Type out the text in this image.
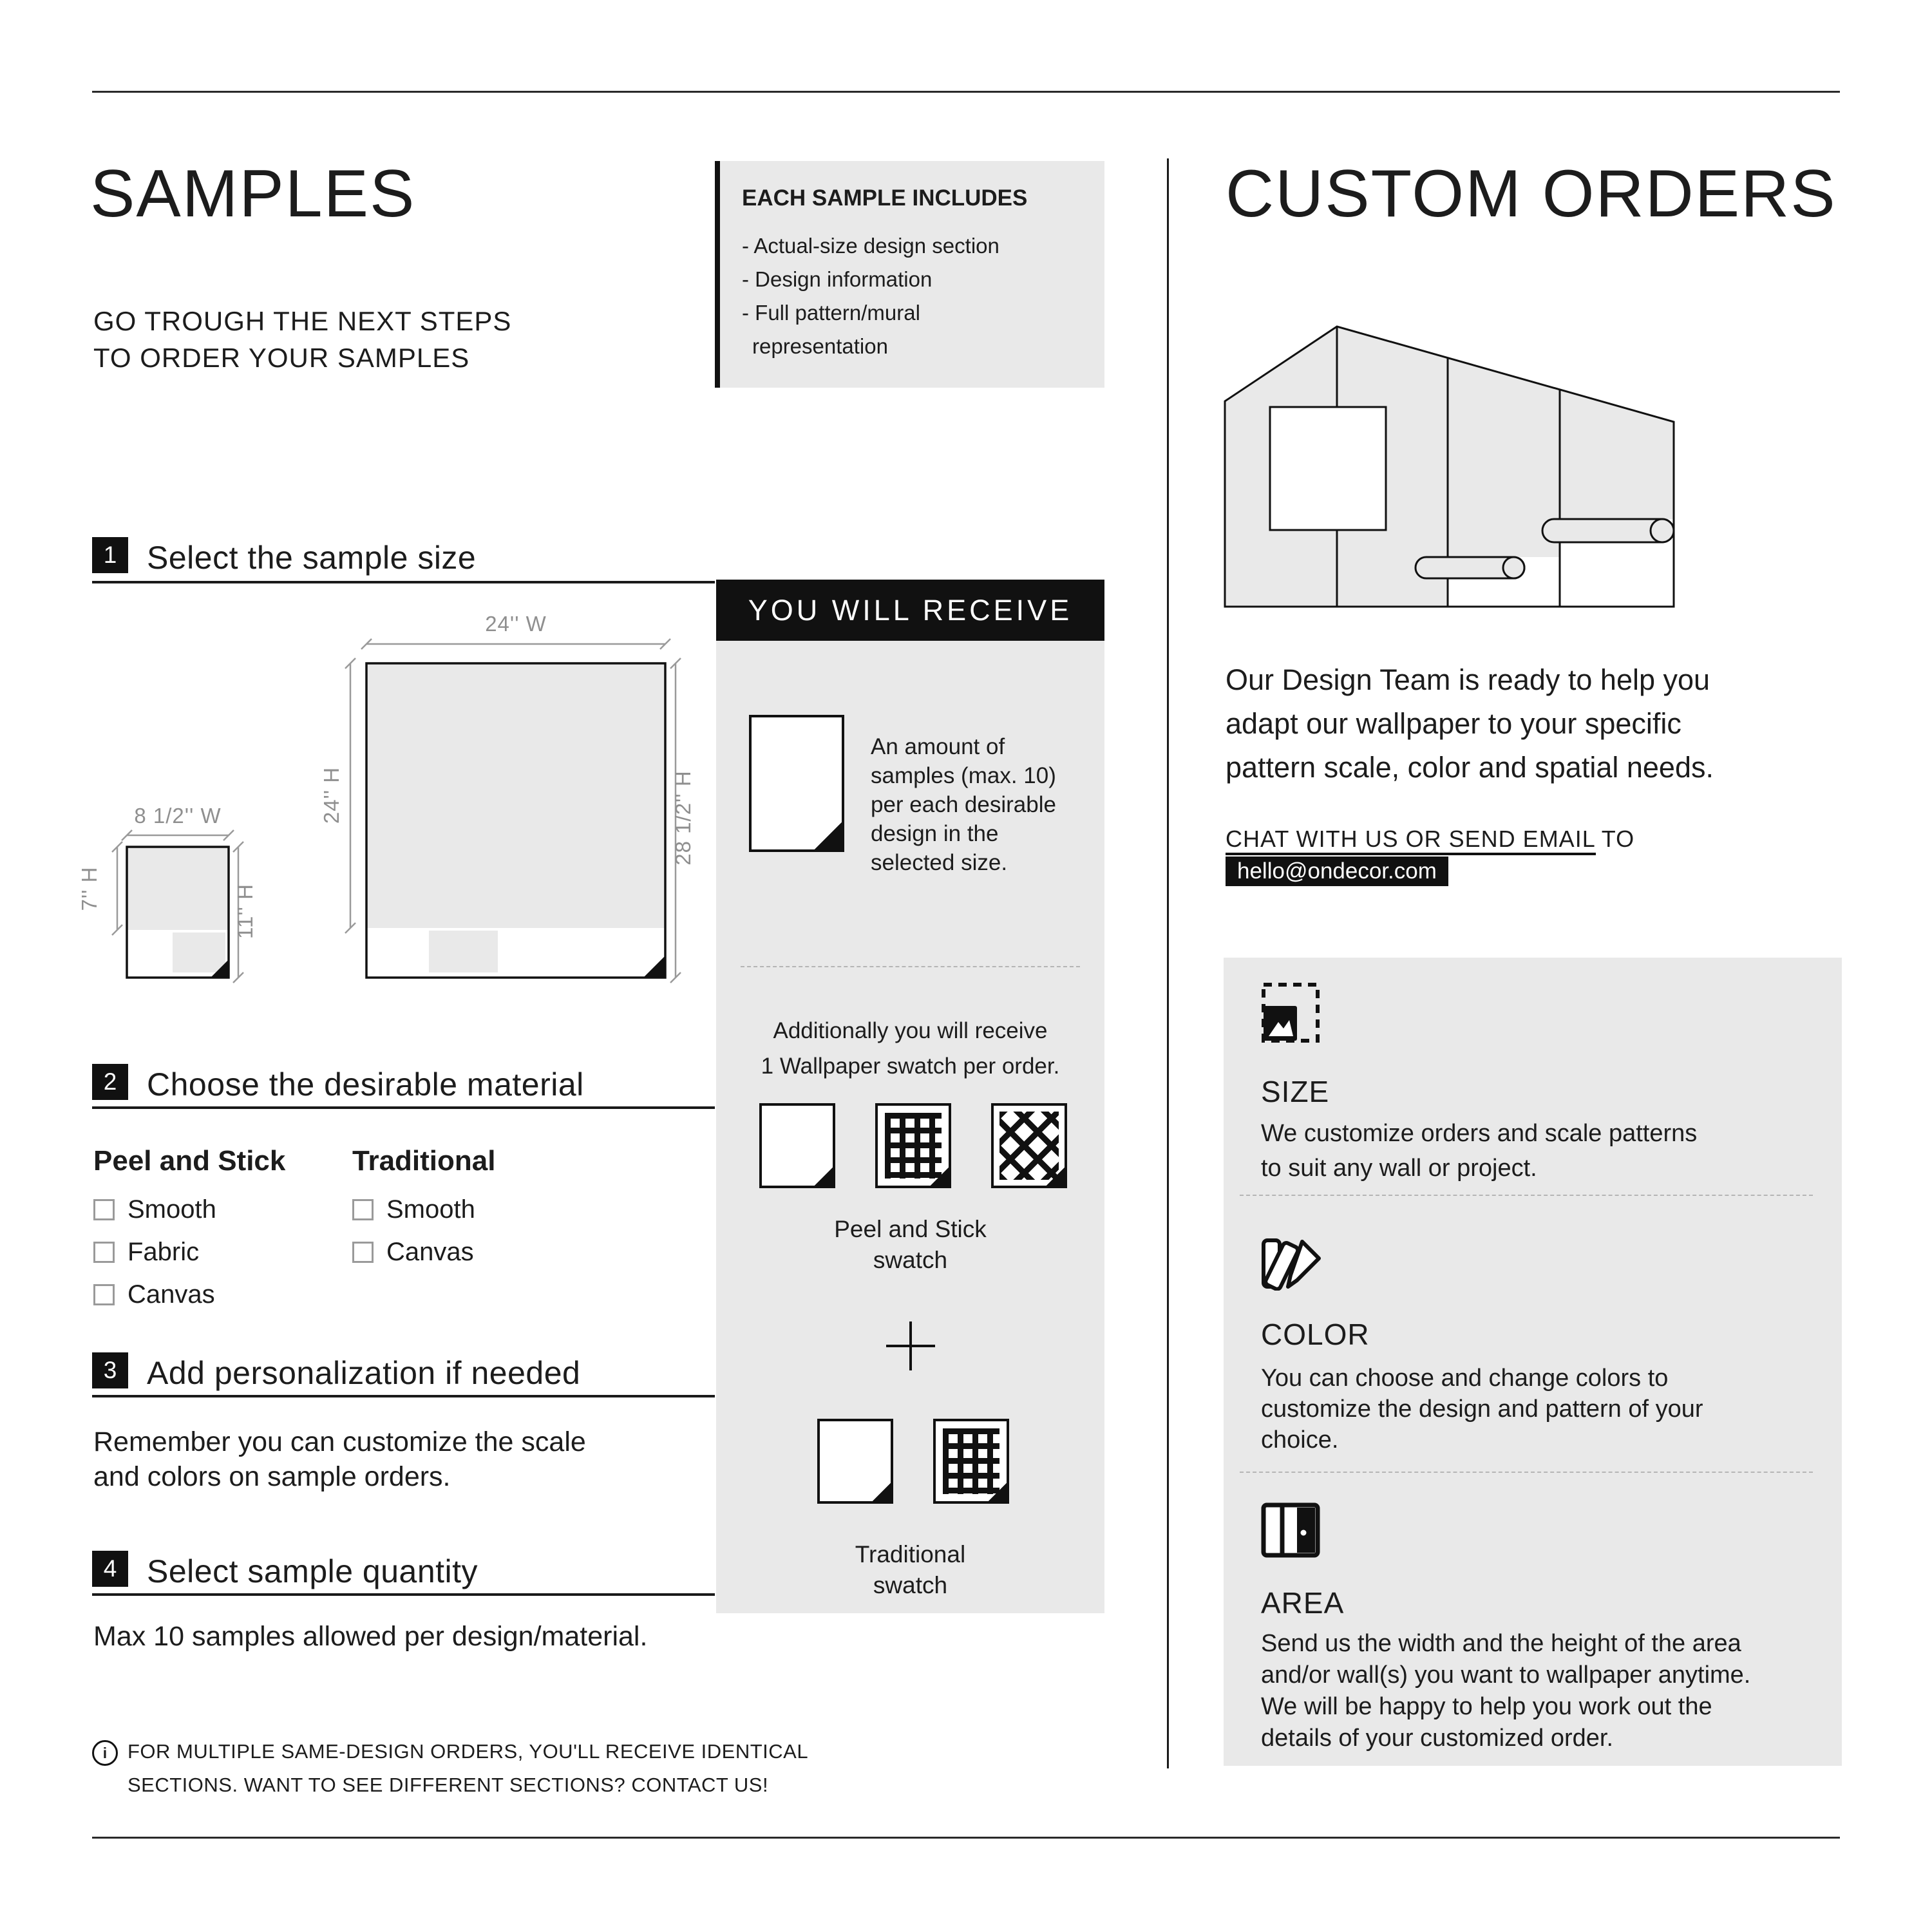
SAMPLES
GO TROUGH THE NEXT STEPS
TO ORDER YOUR SAMPLES
EACH SAMPLE INCLUDES
- Actual-size design section
- Design information
- Full pattern/mural
representation
1 Select the sample size
8 1/2'' W
7'' H	11'' H
24'' W
24'' H	28 1/2'' H
2 Choose the desirable material
Peel and Stick Traditional
Smooth
Fabric
Canvas
Smooth
Canvas
3 Add personalization if needed
Remember you can customize the scale
and colors on sample orders.
4 Select sample quantity
Max 10 samples allowed per design/material.
i FOR MULTIPLE SAME-DESIGN ORDERS, YOU'LL RECEIVE IDENTICAL
SECTIONS. WANT TO SEE DIFFERENT SECTIONS? CONTACT US!
YOU WILL RECEIVE
An amount of
samples (max. 10)
per each desirable
design in the
selected size.
Additionally you will receive
1 Wallpaper swatch per order.
Peel and Stick
swatch
Traditional
swatch
CUSTOM ORDERS
Our Design Team is ready to help you
adapt our wallpaper to your specific
pattern scale, color and spatial needs.
CHAT WITH US OR SEND EMAIL TO
hello@ondecor.com
SIZE
We customize orders and scale patterns
to suit any wall or project.
COLOR
You can choose and change colors to
customize the design and pattern of your
choice.
AREA
Send us the width and the height of the area
and/or wall(s) you want to wallpaper anytime.
We will be happy to help you work out the
details of your customized order.
